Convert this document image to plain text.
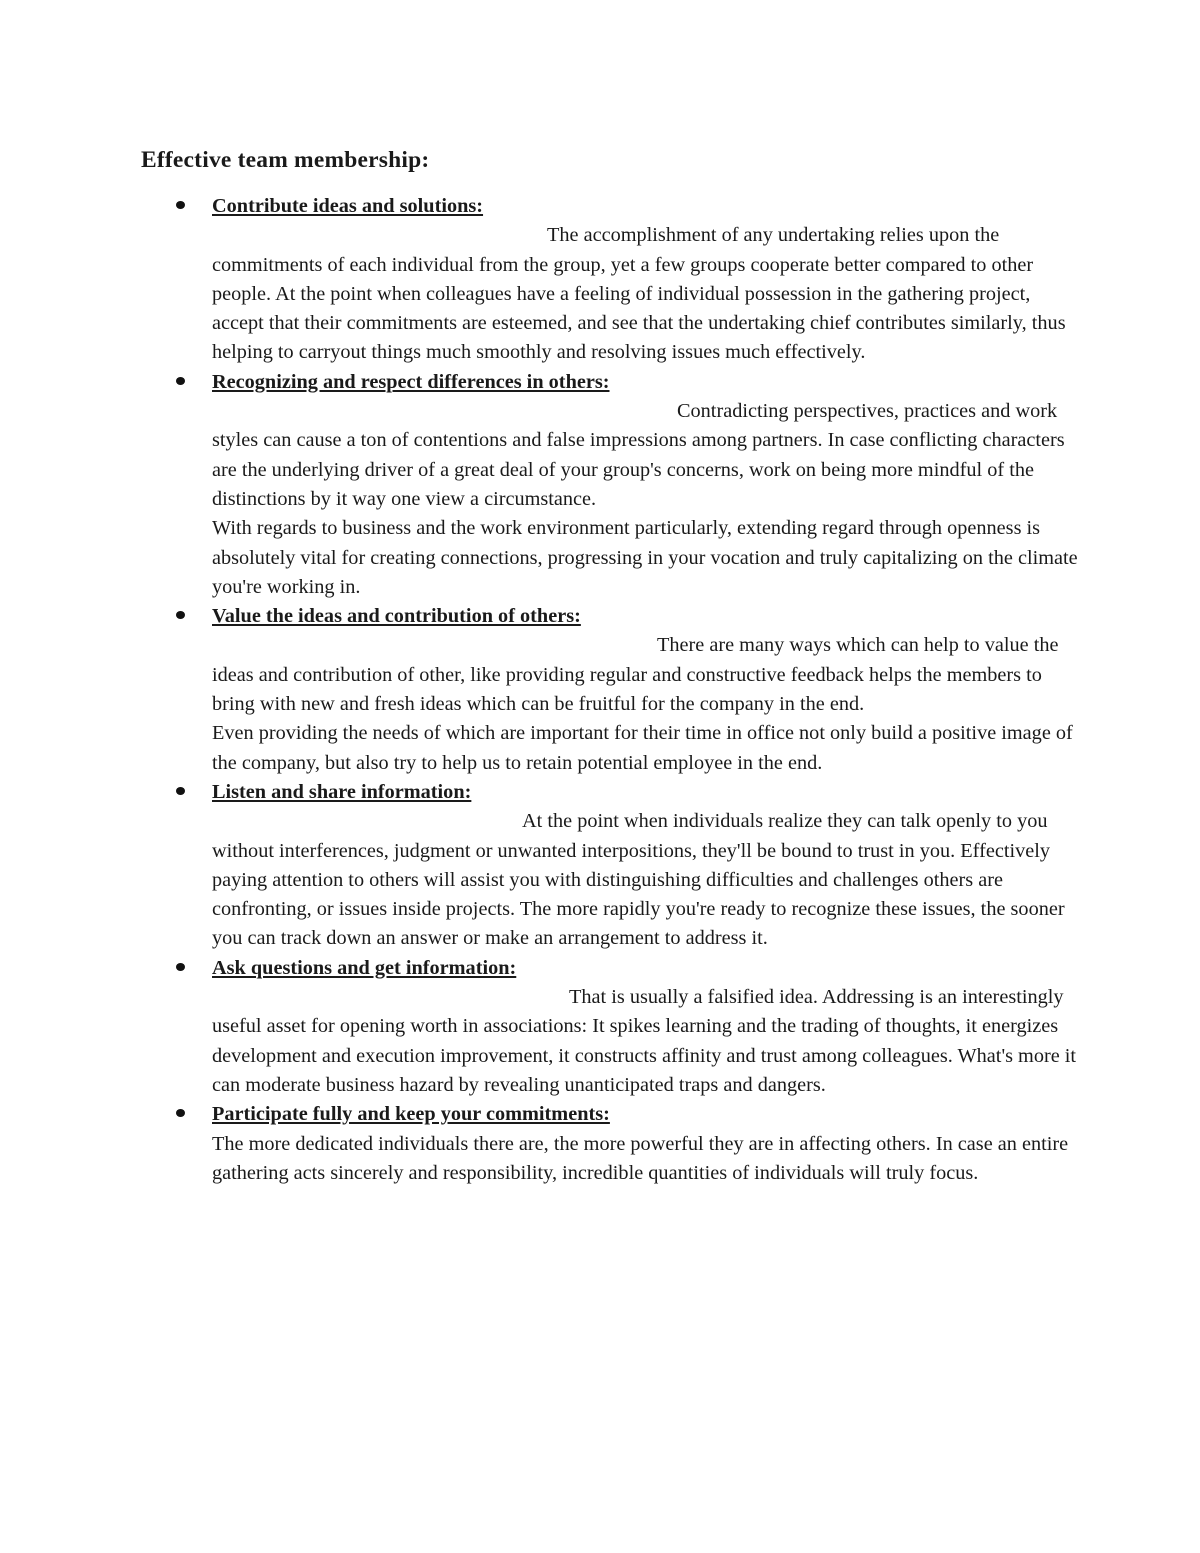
Effective team membership:
Contribute ideas and solutions:

The accomplishment of any undertaking relies upon the commitments of each individual from the group, yet a few groups cooperate better compared to other people. At the point when colleagues have a feeling of individual possession in the gathering project, accept that their commitments are esteemed, and see that the undertaking chief contributes similarly, thus helping to carryout things much smoothly and resolving issues much effectively.

Recognizing and respect differences in others:

Contradicting perspectives, practices and work styles can cause a ton of contentions and false impressions among partners. In case conflicting characters are the underlying driver of a great deal of your group's concerns, work on being more mindful of the distinctions by it way one view a circumstance.

With regards to business and the work environment particularly, extending regard through openness is absolutely vital for creating connections, progressing in your vocation and truly capitalizing on the climate you're working in.

Value the ideas and contribution of others:

There are many ways which can help to value the ideas and contribution of other, like providing regular and constructive feedback helps the members to bring with new and fresh ideas which can be fruitful for the company in the end.

Even providing the needs of which are important for their time in office not only build a positive image of the company, but also try to help us to retain potential employee in the end.

Listen and share information:

At the point when individuals realize they can talk openly to you without interferences, judgment or unwanted interpositions, they'll be bound to trust in you. Effectively paying attention to others will assist you with distinguishing difficulties and challenges others are confronting, or issues inside projects. The more rapidly you're ready to recognize these issues, the sooner you can track down an answer or make an arrangement to address it.

Ask questions and get information:

That is usually a falsified idea. Addressing is an interestingly useful asset for opening worth in associations: It spikes learning and the trading of thoughts, it energizes development and execution improvement, it constructs affinity and trust among colleagues. What's more it can moderate business hazard by revealing unanticipated traps and dangers.

Participate fully and keep your commitments:

The more dedicated individuals there are, the more powerful they are in affecting others. In case an entire gathering acts sincerely and responsibility, incredible quantities of individuals will truly focus.
